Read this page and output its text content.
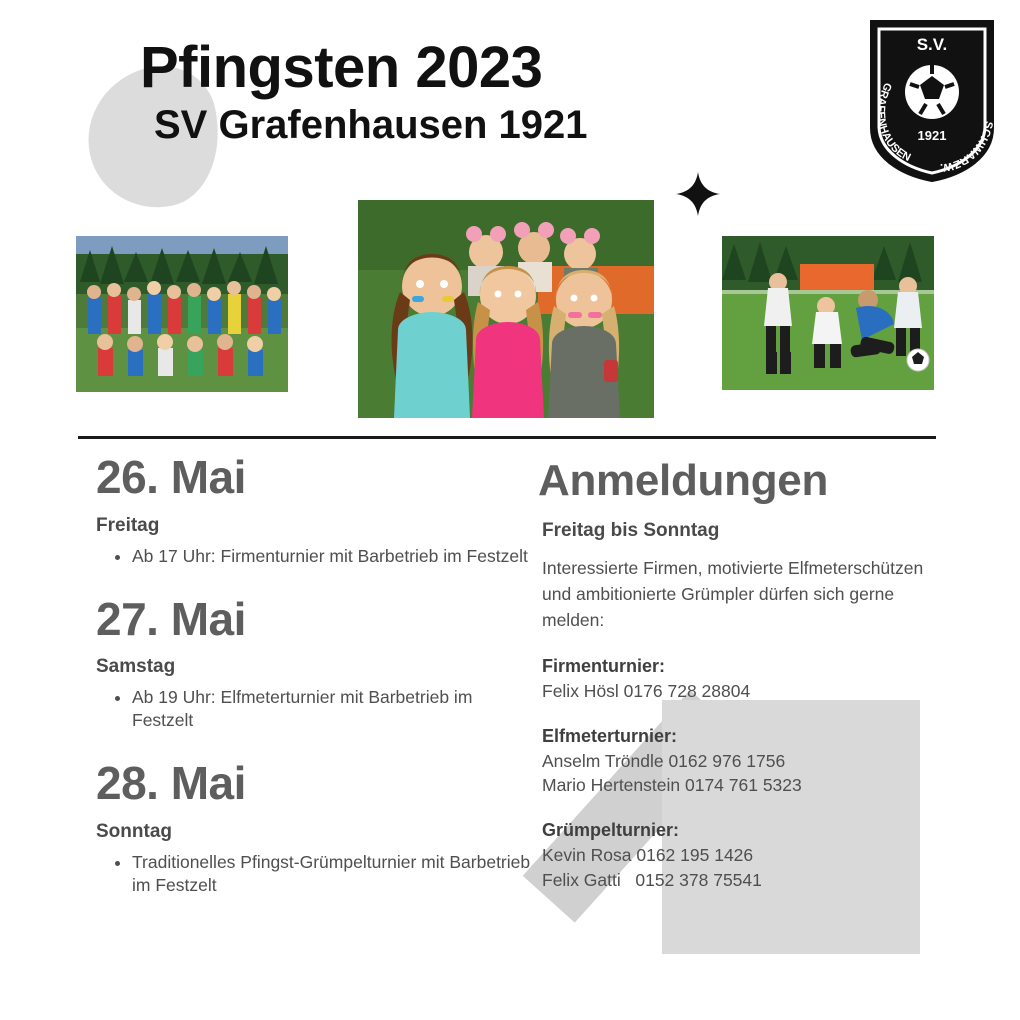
Pfingsten 2023
SV Grafenhausen 1921
S.V.
1921
GRAFENHAUSEN
SCHWARZW.
26. Mai
Freitag
• Ab 17 Uhr: Firmenturnier mit Barbetrieb im Festzelt
27. Mai
Samstag
• Ab 19 Uhr: Elfmeterturnier mit Barbetrieb im Festzelt
28. Mai
Sonntag
• Traditionelles Pfingst-Grümpelturnier mit Barbetrieb im Festzelt
Anmeldungen
Freitag bis Sonntag
Interessierte Firmen, motivierte Elfmeterschützen und ambitionierte Grümpler dürfen sich gerne melden:
Firmenturnier:
Felix Hösl 0176 728 28804
Elfmeterturnier:
Anselm Tröndle 0162 976 1756
Mario Hertenstein 0174 761 5323
Grümpelturnier:
Kevin Rosa 0162 195 1426
Felix Gatti   0152 378 75541
